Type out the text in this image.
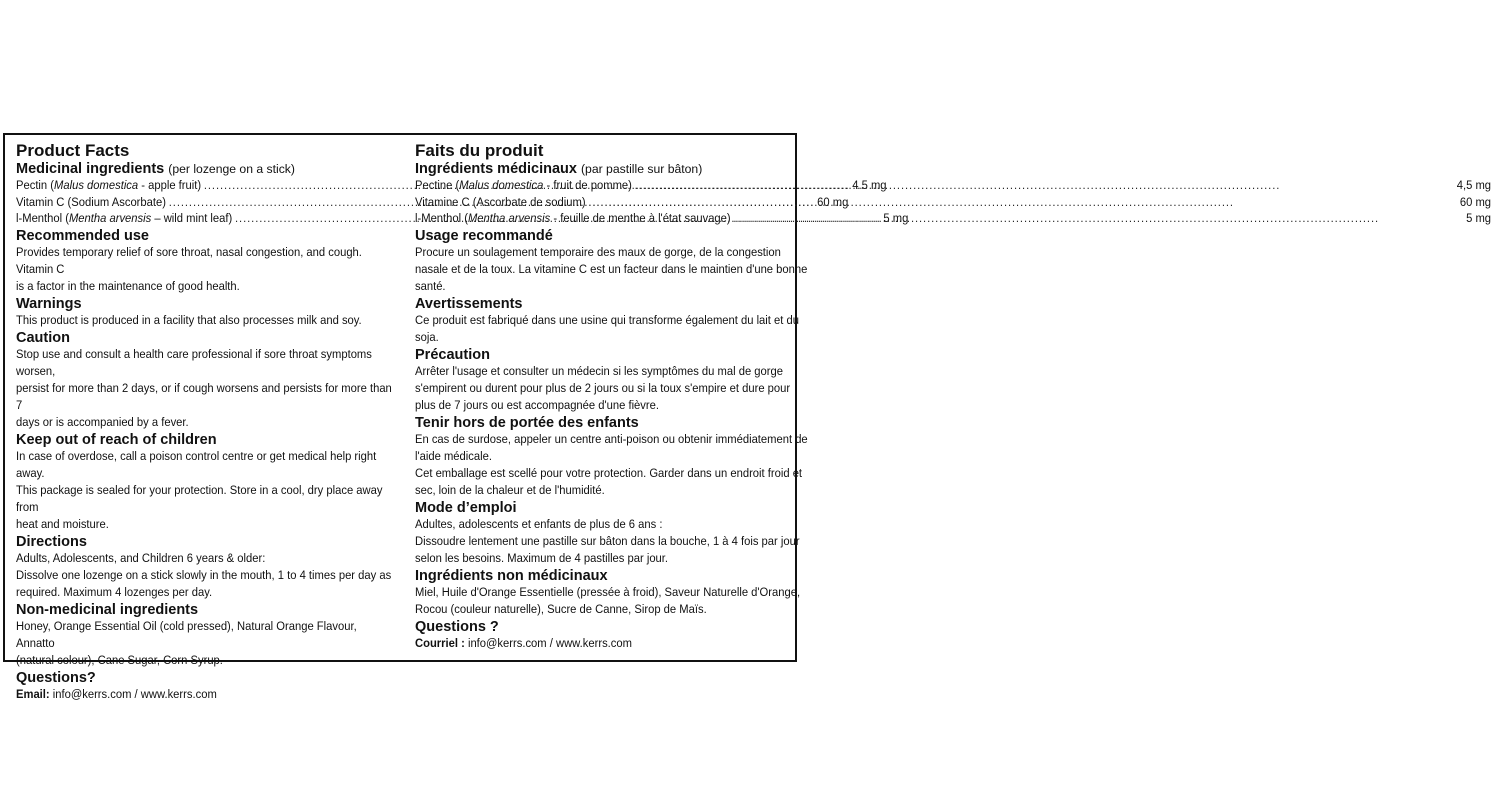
Product Facts
Medicinal ingredients (per lozenge on a stick)
Pectin (Malus domestica - apple fruit) .....	4.5 mg
Vitamin C (Sodium Ascorbate) .....	60 mg
l-Menthol (Mentha arvensis – wild mint leaf) .....	5 mg
Recommended use
Provides temporary relief of sore throat, nasal congestion, and cough. Vitamin C
is a factor in the maintenance of good health.
Warnings
This product is produced in a facility that also processes milk and soy.
Caution
Stop use and consult a health care professional if sore throat symptoms worsen,
persist for more than 2 days, or if cough worsens and persists for more than 7
days or is accompanied by a fever.
Keep out of reach of children
In case of overdose, call a poison control centre or get medical help right away.
This package is sealed for your protection. Store in a cool, dry place away from
heat and moisture.
Directions
Adults, Adolescents, and Children 6 years & older:
Dissolve one lozenge on a stick slowly in the mouth, 1 to 4 times per day as
required. Maximum 4 lozenges per day.
Non-medicinal ingredients
Honey, Orange Essential Oil (cold pressed), Natural Orange Flavour, Annatto
(natural colour), Cane Sugar, Corn Syrup.
Questions?
Email: info@kerrs.com / www.kerrs.com
Faits du produit
Ingrédients médicinaux (par pastille sur bâton)
Pectine (Malus domestica - fruit de pomme) .....	4,5 mg
Vitamine C (Ascorbate de sodium) .....	60 mg
l-Menthol (Mentha arvensis - feuille de menthe à l'état sauvage) .....	5 mg
Usage recommandé
Procure un soulagement temporaire des maux de gorge, de la congestion
nasale et de la toux. La vitamine C est un facteur dans le maintien d'une bonne
santé.
Avertissements
Ce produit est fabriqué dans une usine qui transforme également du lait et du
soja.
Précaution
Arrêter l'usage et consulter un médecin si les symptômes du mal de gorge
s'empirent ou durent pour plus de 2 jours ou si la toux s'empire et dure pour
plus de 7 jours ou est accompagnée d'une fièvre.
Tenir hors de portée des enfants
En cas de surdose, appeler un centre anti-poison ou obtenir immédiatement de
l'aide médicale.
Cet emballage est scellé pour votre protection. Garder dans un endroit froid et
sec, loin de la chaleur et de l'humidité.
Mode d’emploi
Adultes, adolescents et enfants de plus de 6 ans :
Dissoudre lentement une pastille sur bâton dans la bouche, 1 à 4 fois par jour
selon les besoins. Maximum de 4 pastilles par jour.
Ingrédients non médicinaux
Miel, Huile d'Orange Essentielle (pressée à froid), Saveur Naturelle d'Orange,
Rocou (couleur naturelle), Sucre de Canne, Sirop de Maïs.
Questions ?
Courriel : info@kerrs.com / www.kerrs.com
